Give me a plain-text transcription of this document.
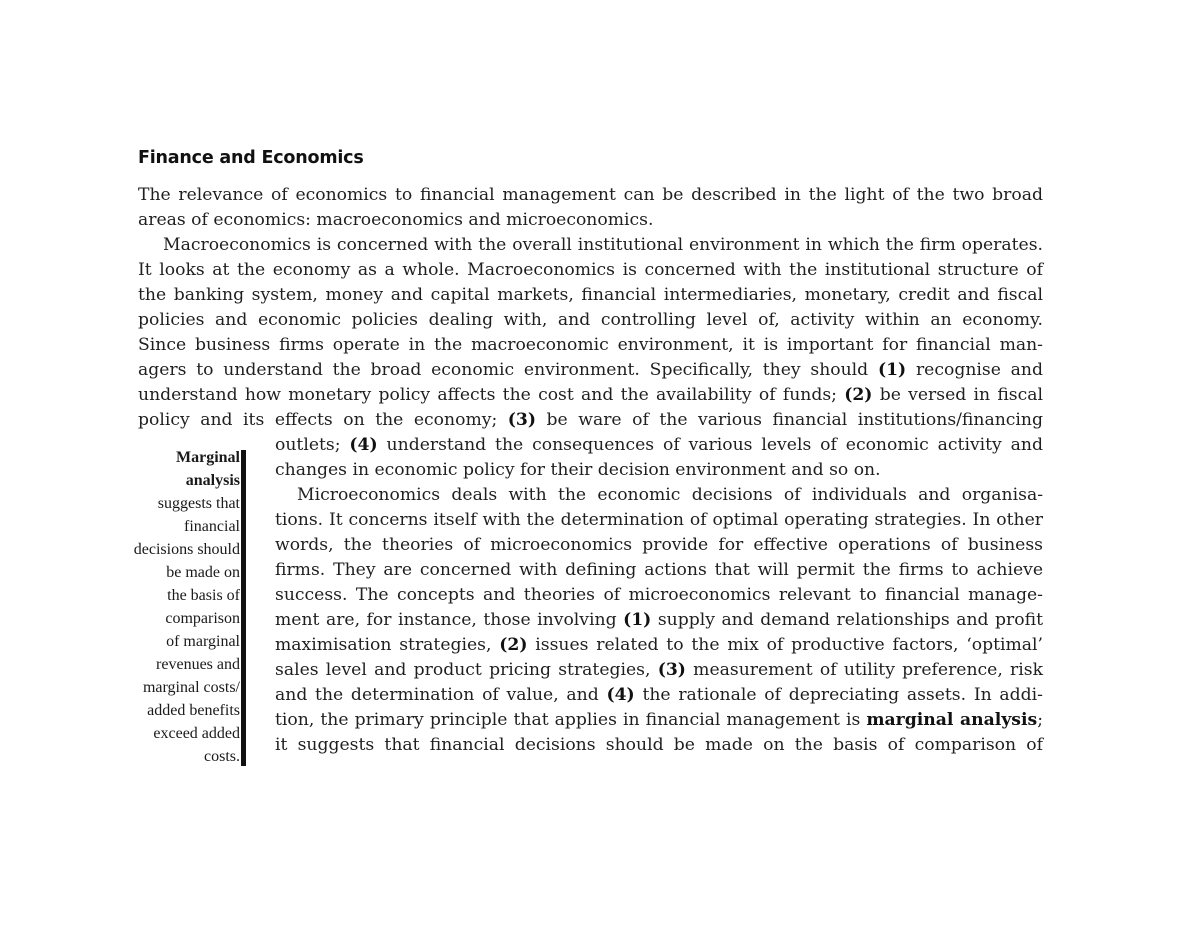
Finance and Economics

The relevance of economics to financial management can be described in the light of the two broad

areas of economics: macroeconomics and microeconomics.

Macroeconomics is concerned with the overall institutional environment in which the firm operates.

It looks at the economy as a whole. Macroeconomics is concerned with the institutional structure of

the banking system, money and capital markets, financial intermediaries, monetary, credit and fiscal

policies and economic policies dealing with, and controlling level of, activity within an economy.

Since business firms operate in the macroeconomic environment, it is important for financial man-

agers to understand the broad economic environment. Specifically, they should (1) recognise and

understand how monetary policy affects the cost and the availability of funds; (2) be versed in fiscal

policy and its effects on the economy; (3) be ware of the various financial institutions/financing

outlets; (4) understand the consequences of various levels of economic activity and

changes in economic policy for their decision environment and so on.

Microeconomics deals with the economic decisions of individuals and organisa-

tions. It concerns itself with the determination of optimal operating strategies. In other

words, the theories of microeconomics provide for effective operations of business

firms. They are concerned with defining actions that will permit the firms to achieve

success. The concepts and theories of microeconomics relevant to financial manage-

ment are, for instance, those involving (1) supply and demand relationships and profit

maximisation strategies, (2) issues related to the mix of productive factors, ‘optimal’

sales level and product pricing strategies, (3) measurement of utility preference, risk

and the determination of value, and (4) the rationale of depreciating assets. In addi-

tion, the primary principle that applies in financial management is marginal analysis;

it suggests that financial decisions should be made on the basis of comparison of

Marginal
analysis
suggests that
financial
decisions should
be made on
the basis of
comparison
of marginal
revenues and
marginal costs/
added benefits
exceed added
costs.
